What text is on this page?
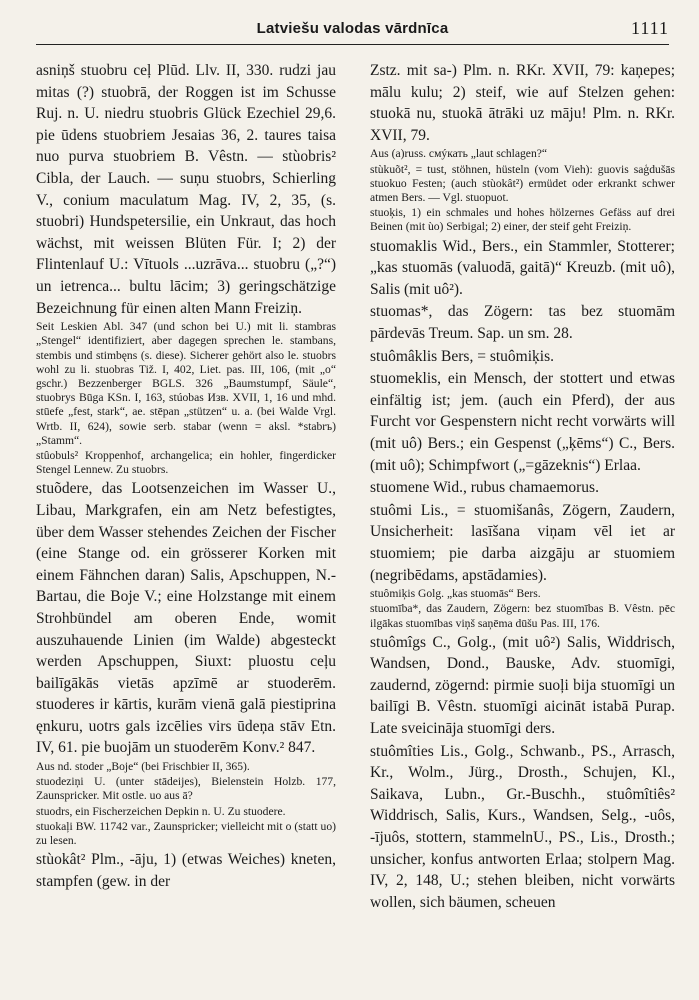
Latviešu valodas vārdnīca	1111

asniņš stuobru ceļ Plūd. Llv. II, 330. rudzi jau mitas (?) stuobrā, der Roggen ist im Schusse Ruj. n. U. niedru stuobris Glück Ezechiel 29,6. pie ūdens stuobriem Jesaias 36, 2. taures taisa nuo purva stuobriem B. Vêstn. — stùobris² Cibla, der Lauch. — suņu stuobrs, Schierling V., conium maculatum Mag. IV, 2, 35, (s. stuobri) Hundspetersilie, ein Unkraut, das hoch wächst, mit weissen Blüten Für. I; 2) der Flintenlauf U.: Vītuols ...uzrāva... stuobru („?“) un ietrenca... bultu lācim; 3) geringschätzige Bezeichnung für einen alten Mann Freiziņ.

Seit Leskien Abl. 347 (und schon bei U.) mit li. stambras „Stengel“ identifiziert, aber dagegen sprechen le. stambans, stembis und stimbęns (s. diese). Sicherer gehört also le. stuobrs wohl zu li. stuobras Tiž. I, 402, Liet. pas. III, 106, (mit „o“ gschr.) Bezzenberger BGLS. 326 „Baumstumpf, Säule“, stuobrys Būga KSn. I, 163, stúobas Изв. XVII, 1, 16 und mhd. stūefe „fest, stark“, ae. stēpan „stützen“ u. a. (bei Walde Vrgl. Wrtb. II, 624), sowie serb. stabar (wenn = aksl. *stabrъ) „Stamm“.

stûobuls² Kroppenhof, archangelica; ein hohler, fingerdicker Stengel Lennew. Zu stuobrs.

stuõdere, das Lootsenzeichen im Wasser U., Libau, Markgrafen, ein am Netz befestigtes, über dem Wasser stehendes Zeichen der Fischer (eine Stange od. ein grösserer Korken mit einem Fähnchen daran) Salis, Apschuppen, N.-Bartau, die Boje V.; eine Holzstange mit einem Strohbündel am oberen Ende, womit auszuhauende Linien (im Walde) abgesteckt werden Apschuppen, Siuxt: pluostu ceļu bailīgākās vietās apzīmē ar stuoderēm. stuoderes ir kārtis, kurām vienā galā piestiprina ęnkuru, uotrs gals izcēlies virs ūdeņa stāv Etn. IV, 61. pie buojām un stuoderēm Konv.² 847.

Aus nd. stoder „Boje“ (bei Frischbier II, 365).

stuodeziņi U. (unter stādeijes), Bielenstein Holzb. 177, Zaunspricker. Mit ostle. uo aus ā?

stuodrs, ein Fischerzeichen Depkin n. U. Zu stuodere.

stuokaļi BW. 11742 var., Zaunspricker; vielleicht mit o (statt uo) zu lesen.

stùokât² Plm., -āju, 1) (etwas Weiches) kneten, stampfen (gew. in der

Zstz. mit sa-) Plm. n. RKr. XVII, 79: kaņepes; mālu kulu; 2) steif, wie auf Stelzen gehen: stuokā nu, stuokā ātrāki uz māju! Plm. n. RKr. XVII, 79.

Aus (a)russ. смýкать „laut schlagen?“

stùkuõt², = tust, stöhnen, hüsteln (vom Vieh): guovis saģdušās stuokuo Festen; (auch stùokât²) ermüdet oder erkrankt schwer atmen Bers. — Vgl. stuopuot.

stuoķis, 1) ein schmales und hohes hölzernes Gefäss auf drei Beinen (mit ùo) Serbigal; 2) einer, der steif geht Freiziņ.

stuomaklis Wid., Bers., ein Stammler, Stotterer; „kas stuomās (valuodā, gaitā)“ Kreuzb. (mit uô), Salis (mit uô²).

stuomas*, das Zögern: tas bez stuomām pārdevās Treum. Sap. un sm. 28.

stuômâklis Bers, = stuômiķis.

stuomeklis, ein Mensch, der stottert und etwas einfältig ist; jem. (auch ein Pferd), der aus Furcht vor Gespenstern nicht recht vorwärts will (mit uô) Bers.; ein Gespenst („ķēms“) C., Bers. (mit uô); Schimpfwort („=gāzeknis“) Erlaa.

stuomene Wid., rubus chamaemorus.

stuômi Lis., = stuomišanâs, Zögern, Zaudern, Unsicherheit: lasīšana viņam vēl iet ar stuomiem; pie darba aizgāju ar stuomiem (negribēdams, apstādamies).

stuômiķis Golg. „kas stuomās“ Bers.

stuomība*, das Zaudern, Zögern: bez stuomības B. Vêstn. pēc ilgākas stuomības viņš saņēma dūšu Pas. III, 176.

stuômîgs C., Golg., (mit uô²) Salis, Widdrisch, Wandsen, Dond., Bauske, Adv. stuomīgi, zaudernd, zögernd: pirmie suoļi bija stuomīgi un bailīgi B. Vêstn. stuomīgi aicināt istabā Purap. Late sveicināja stuomīgi ders.

stuômîties Lis., Golg., Schwanb., PS., Arrasch, Kr., Wolm., Jürg., Drosth., Schujen, Kl., Saikava, Lubn., Gr.-Buschh., stuômîtiês² Widdrisch, Salis, Kurs., Wandsen, Selg., -uôs, -ījuôs, stottern, stammelnU., PS., Lis., Drosth.; unsicher, konfus antworten Erlaa; stolpern Mag. IV, 2, 148, U.; stehen bleiben, nicht vorwärts wollen, sich bäumen, scheuen
